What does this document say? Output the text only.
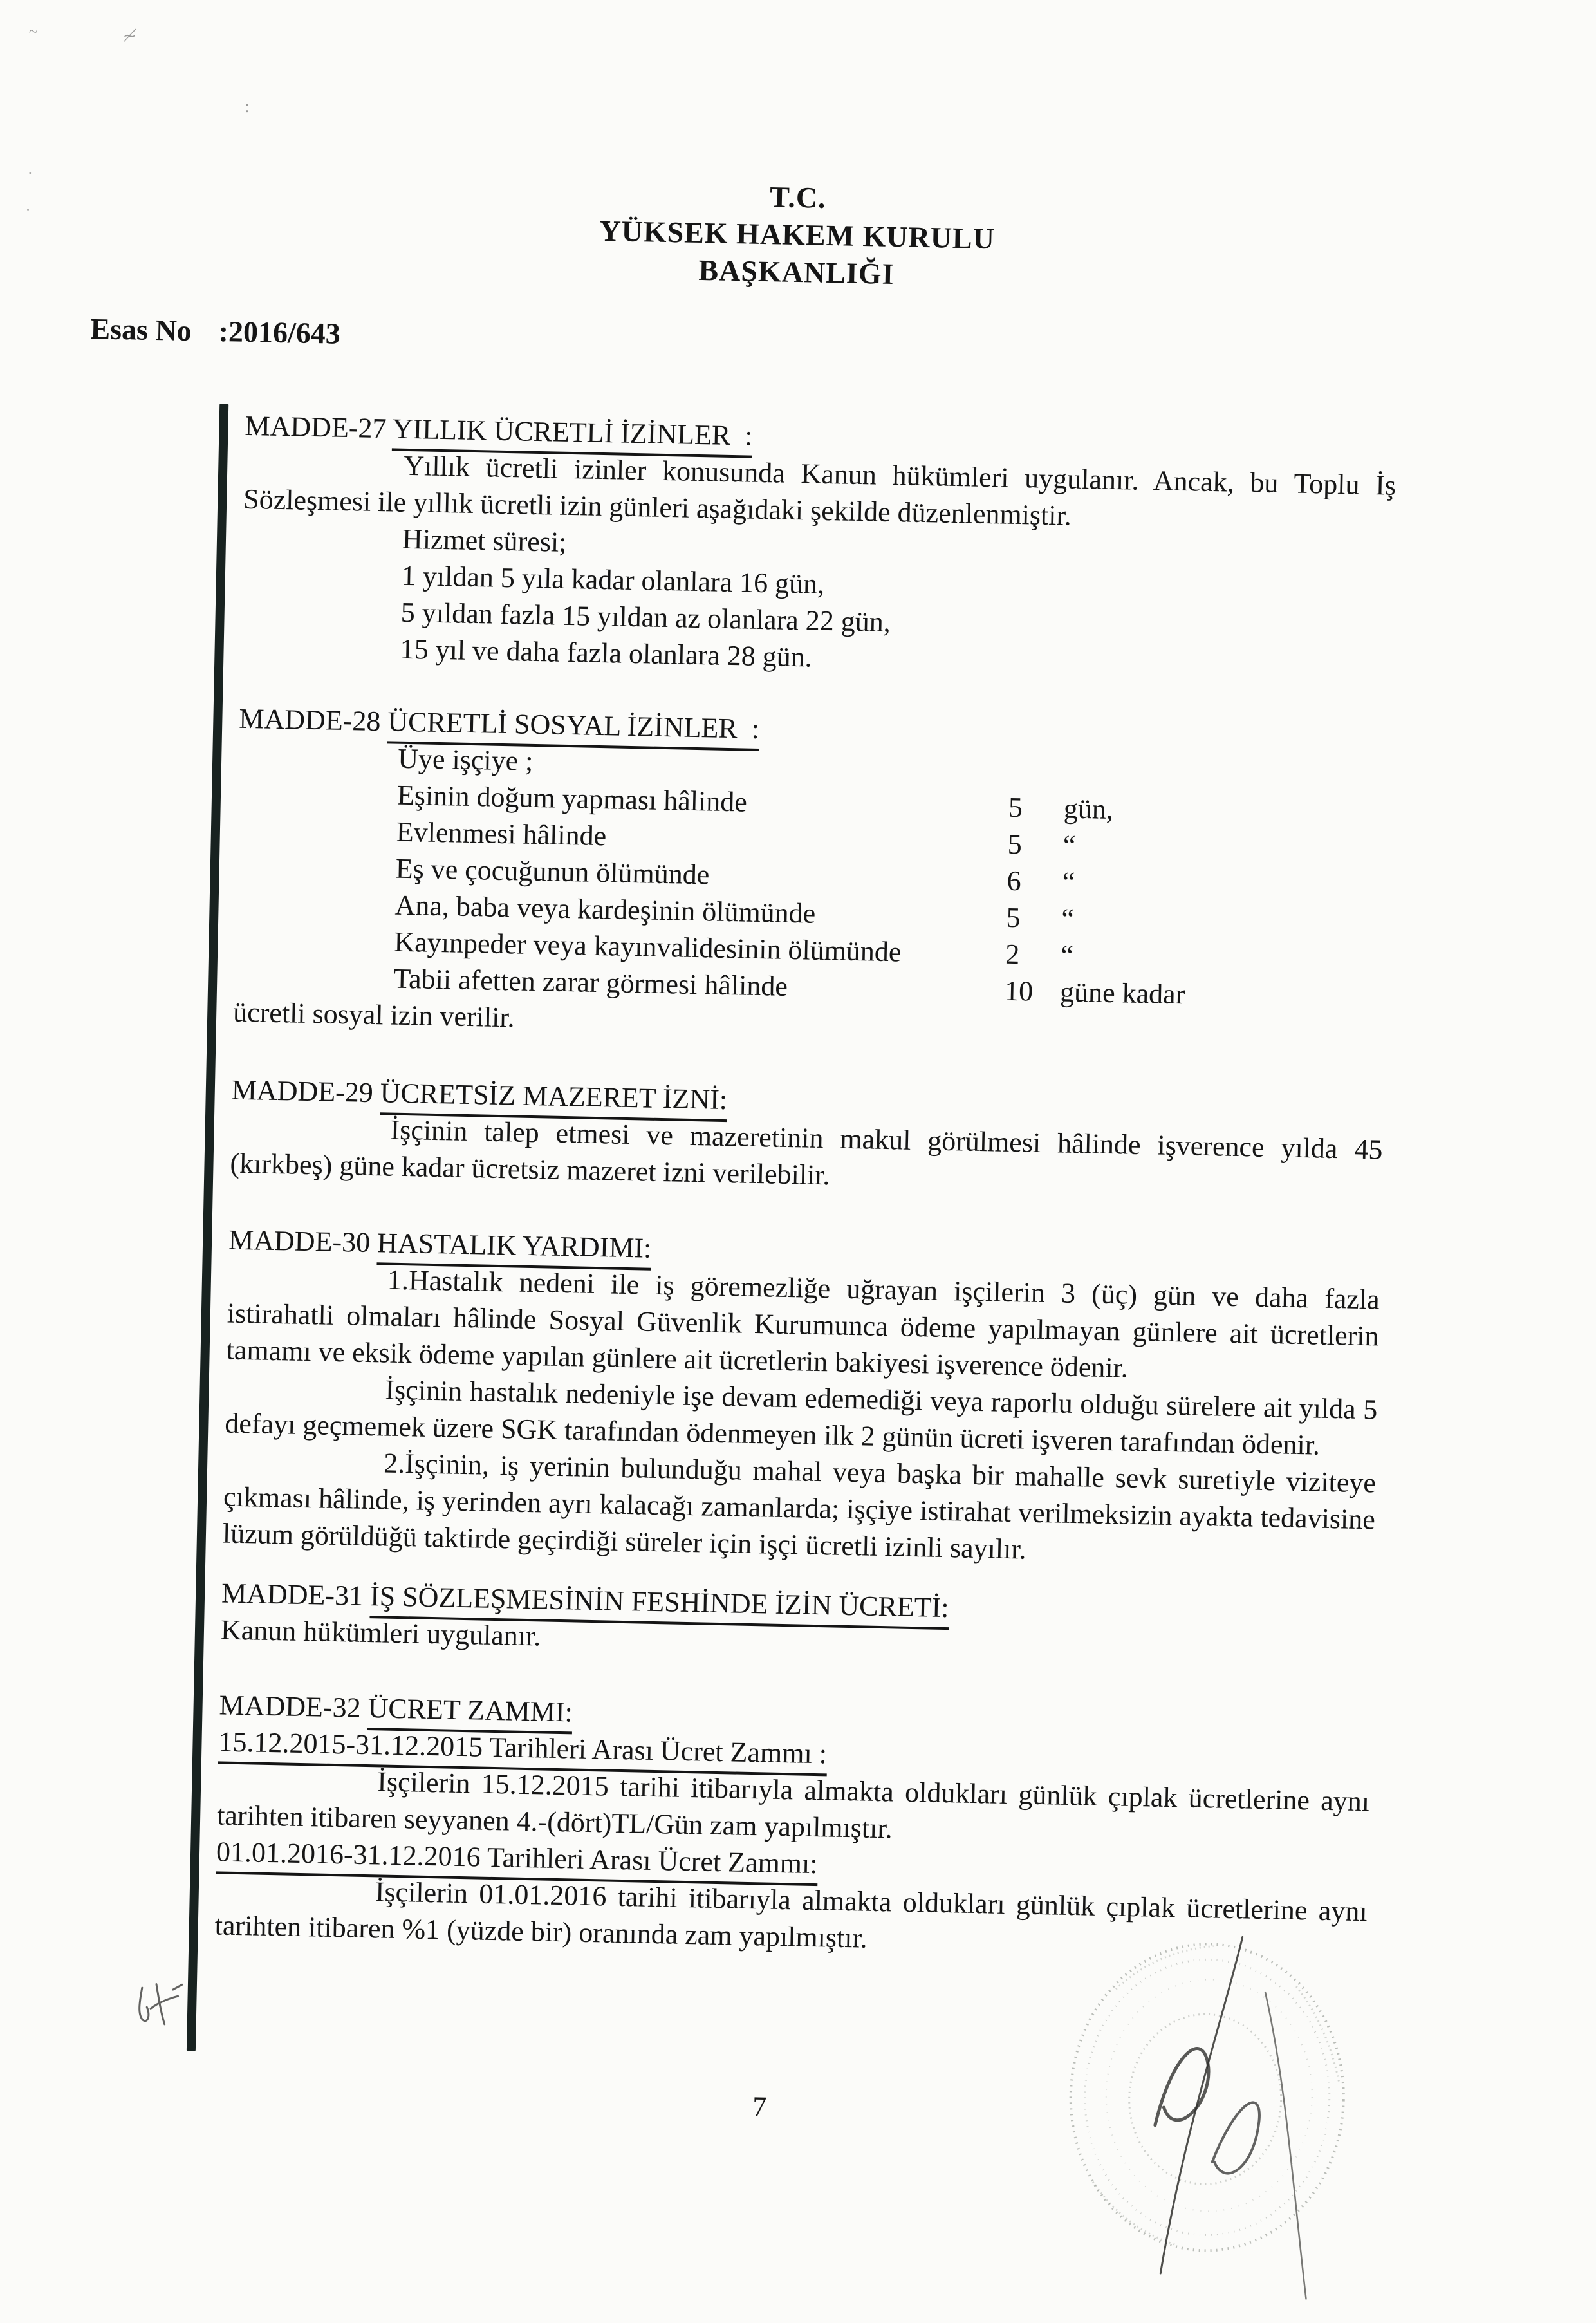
T.C.
YÜKSEK HAKEM KURULU
BAŞKANLIĞI
Esas No :2016/643
MADDE-27 YILLIK ÜCRETLİ İZİNLER  :

Yıllık ücretli izinler konusunda Kanun hükümleri uygulanır. Ancak, bu Toplu İş Sözleşmesi ile yıllık ücretli izin günleri aşağıdaki şekilde düzenlenmiştir.

Hizmet süresi;
1 yıldan 5 yıla kadar olanlara 16 gün,
5 yıldan fazla 15 yıldan az olanlara 22 gün,
15 yıl ve daha fazla olanlara 28 gün.
MADDE-28 ÜCRETLİ SOSYAL İZİNLER  :
Üye işçiye ;
Eşinin doğum yapması hâlinde	5	gün,
Evlenmesi hâlinde	5	“
Eş ve çocuğunun ölümünde	6	“
Ana, baba veya kardeşinin ölümünde	5	“
Kayınpeder veya kayınvalidesinin ölümünde	2	“
Tabii afetten zarar görmesi hâlinde	10 güne kadar

ücretli sosyal izin verilir.

MADDE-29 ÜCRETSİZ MAZERET İZNİ:

İşçinin talep etmesi ve mazeretinin makul görülmesi hâlinde işverence yılda 45 (kırkbeş) güne kadar ücretsiz mazeret izni verilebilir.

MADDE-30 HASTALIK YARDIMI:

1.Hastalık nedeni ile iş göremezliğe uğrayan işçilerin 3 (üç) gün ve daha fazla istirahatli olmaları hâlinde Sosyal Güvenlik Kurumunca ödeme yapılmayan günlere ait ücretlerin tamamı ve eksik ödeme yapılan günlere ait ücretlerin bakiyesi işverence ödenir.

İşçinin hastalık nedeniyle işe devam edemediği veya raporlu olduğu sürelere ait yılda 5 defayı geçmemek üzere SGK tarafından ödenmeyen ilk 2 günün ücreti işveren tarafından ödenir.

2.İşçinin, iş yerinin bulunduğu mahal veya başka bir mahalle sevk suretiyle viziteye çıkması hâlinde, iş yerinden ayrı kalacağı zamanlarda; işçiye istirahat verilmeksizin ayakta tedavisine lüzum görüldüğü taktirde geçirdiği süreler için işçi ücretli izinli sayılır.

MADDE-31 İŞ SÖZLEŞMESİNİN FESHİNDE İZİN ÜCRETİ:

Kanun hükümleri uygulanır.

MADDE-32 ÜCRET ZAMMI:

15.12.2015-31.12.2015 Tarihleri Arası Ücret Zammı :

İşçilerin 15.12.2015 tarihi itibarıyla almakta oldukları günlük çıplak ücretlerine aynı tarihten itibaren seyyanen 4.-(dört)TL/Gün zam yapılmıştır.

01.01.2016-31.12.2016 Tarihleri Arası Ücret Zammı:

İşçilerin 01.01.2016 tarihi itibarıyla almakta oldukları günlük çıplak ücretlerine aynı tarihten itibaren %1 (yüzde bir) oranında zam yapılmıştır.

7
~	≁
:
·
·
